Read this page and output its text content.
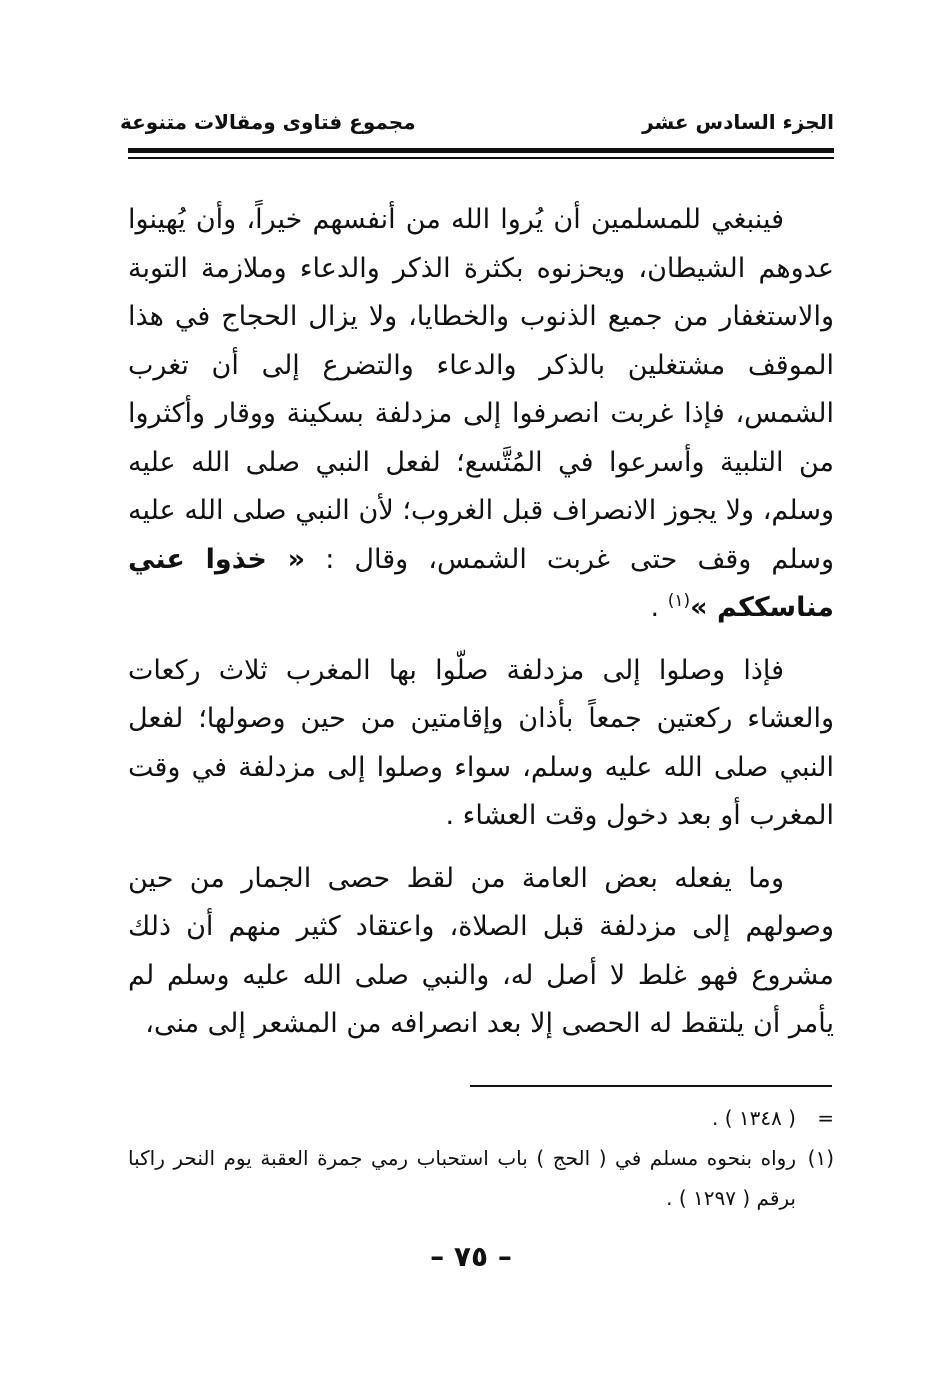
مجموع فتاوى ومقالات متنوعة	الجزء السادس عشر

فينبغي للمسلمين أن يُروا الله من أنفسهم خيراً، وأن يُهينوا عدوهم الشيطان، ويحزنوه بكثرة الذكر والدعاء وملازمة التوبة والاستغفار من جميع الذنوب والخطايا، ولا يزال الحجاج في هذا الموقف مشتغلين بالذكر والدعاء والتضرع إلى أن تغرب الشمس، فإذا غربت انصرفوا إلى مزدلفة بسكينة ووقار وأكثروا من التلبية وأسرعوا في المُتَّسع؛ لفعل النبي صلى الله عليه وسلم، ولا يجوز الانصراف قبل الغروب؛ لأن النبي صلى الله عليه وسلم وقف حتى غربت الشمس، وقال : « خذوا عني مناسككم »$^{(١)}$ .

فإذا وصلوا إلى مزدلفة صلّوا بها المغرب ثلاث ركعات والعشاء ركعتين جمعاً بأذان وإقامتين من حين وصولها؛ لفعل النبي صلى الله عليه وسلم، سواء وصلوا إلى مزدلفة في وقت المغرب أو بعد دخول وقت العشاء .

وما يفعله بعض العامة من لقط حصى الجمار من حين وصولهم إلى مزدلفة قبل الصلاة، واعتقاد كثير منهم أن ذلك مشروع فهو غلط لا أصل له، والنبي صلى الله عليه وسلم لم يأمر أن يلتقط له الحصى إلا بعد انصرافه من المشعر إلى منى،

=
( ١٣٤٨ ) .
(١)
رواه بنحوه مسلم في ( الحج ) باب استحباب رمي جمرة العقبة يوم النحر راكبا برقم ( ١٢٩٧ ) .
– ٧٥ –
